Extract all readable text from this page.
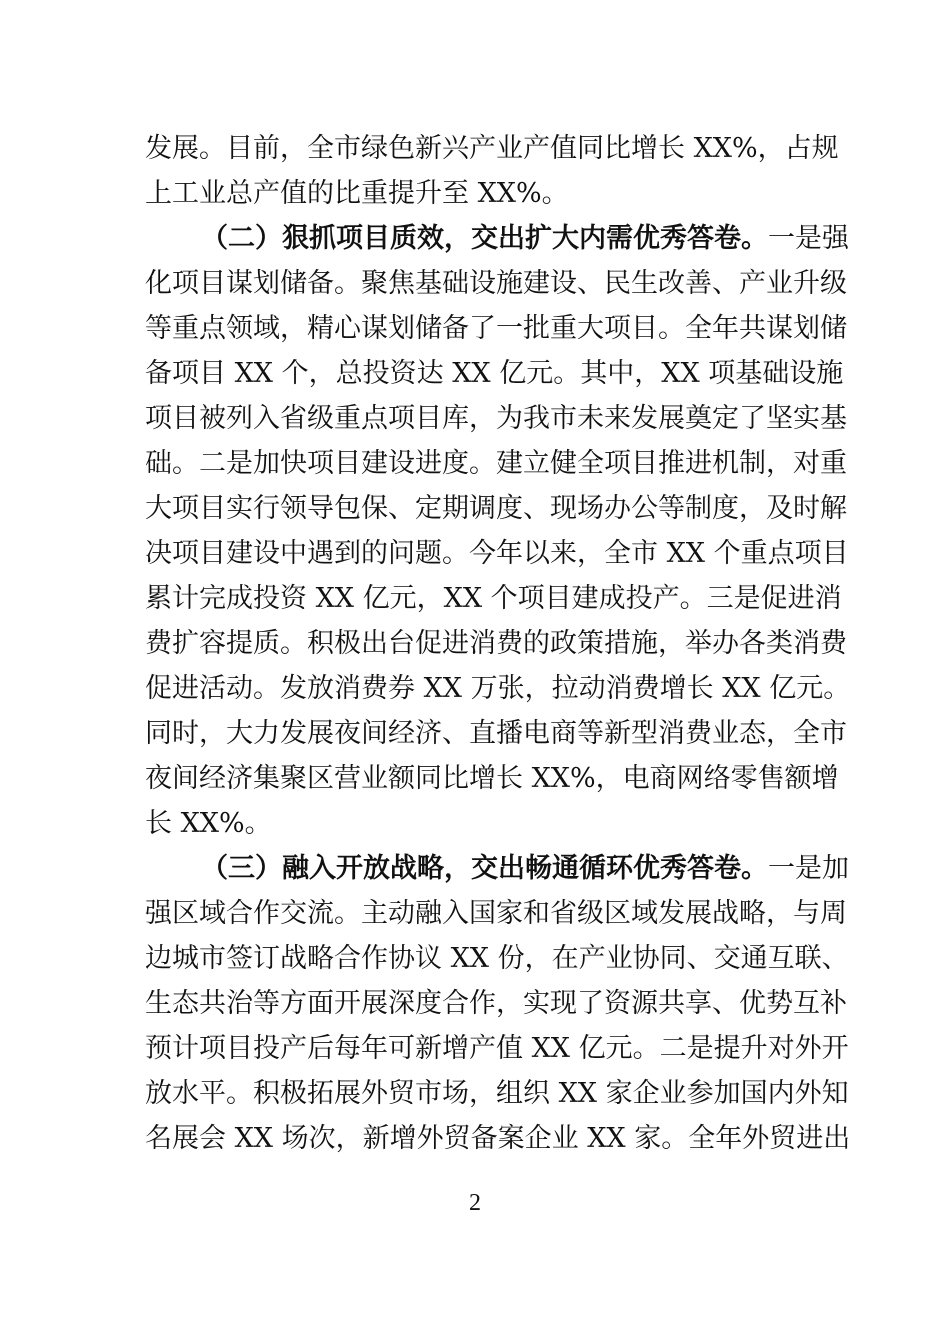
发展。目前，全市绿色新兴产业产值同比增长 XX%，占规
上工业总产值的比重提升至 XX%。
（二）狠抓项目质效，交出扩大内需优秀答卷。一是强
化项目谋划储备。聚焦基础设施建设、民生改善、产业升级
等重点领域，精心谋划储备了一批重大项目。全年共谋划储
备项目 XX 个，总投资达 XX 亿元。其中，XX 项基础设施
项目被列入省级重点项目库，为我市未来发展奠定了坚实基
础。二是加快项目建设进度。建立健全项目推进机制，对重
大项目实行领导包保、定期调度、现场办公等制度，及时解
决项目建设中遇到的问题。今年以来，全市 XX 个重点项目
累计完成投资 XX 亿元，XX 个项目建成投产。三是促进消
费扩容提质。积极出台促进消费的政策措施，举办各类消费
促进活动。发放消费券 XX 万张，拉动消费增长 XX 亿元。
同时，大力发展夜间经济、直播电商等新型消费业态，全市
夜间经济集聚区营业额同比增长 XX%，电商网络零售额增
长 XX%。
（三）融入开放战略，交出畅通循环优秀答卷。一是加
强区域合作交流。主动融入国家和省级区域发展战略，与周
边城市签订战略合作协议 XX 份，在产业协同、交通互联、
生态共治等方面开展深度合作，实现了资源共享、优势互补
预计项目投产后每年可新增产值 XX 亿元。二是提升对外开
放水平。积极拓展外贸市场，组织 XX 家企业参加国内外知
名展会 XX 场次，新增外贸备案企业 XX 家。全年外贸进出
2
